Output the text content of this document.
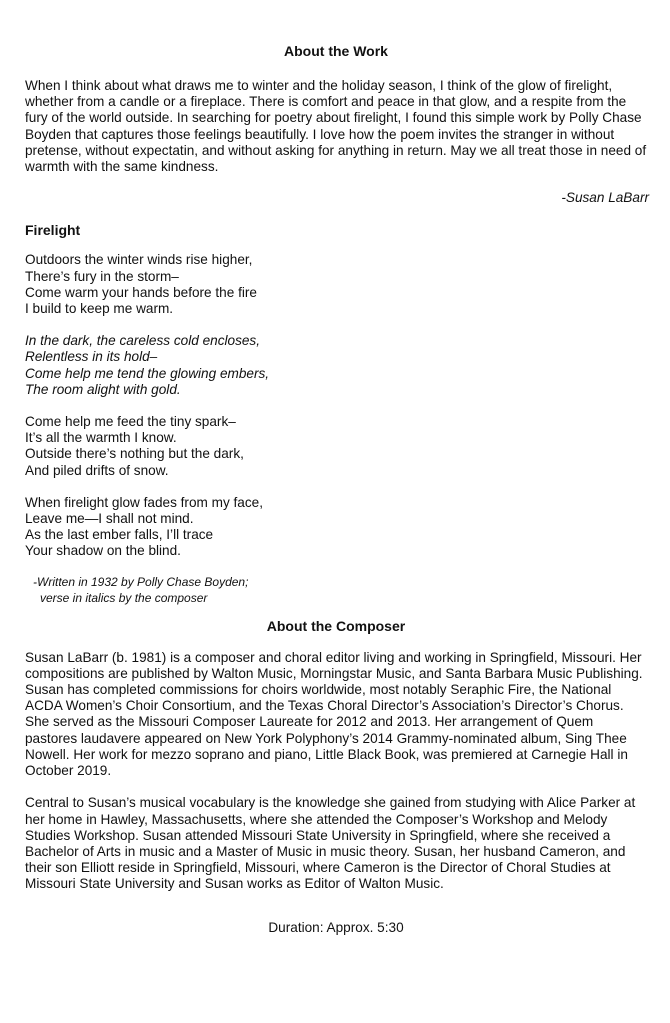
About the Work

When I think about what draws me to winter and the holiday season, I think of the glow of firelight, whether from a candle or a fireplace. There is comfort and peace in that glow, and a respite from the fury of the world outside. In searching for poetry about firelight, I found this simple work by Polly Chase Boyden that captures those feelings beautifully. I love how the poem invites the stranger in without pretense, without expectatin, and without asking for anything in return. May we all treat those in need of warmth with the same kindness.

-Susan LaBarr

Firelight
Outdoors the winter winds rise higher,
There’s fury in the storm–
Come warm your hands before the fire
I build to keep me warm.
In the dark, the careless cold encloses,
Relentless in its hold–
Come help me tend the glowing embers,
The room alight with gold.
Come help me feed the tiny spark–
It’s all the warmth I know.
Outside there’s nothing but the dark,
And piled drifts of snow.
When firelight glow fades from my face,
Leave me—I shall not mind.
As the last ember falls, I’ll trace
Your shadow on the blind.
-Written in 1932 by Polly Chase Boyden;
verse in italics by the composer
About the Composer

Susan LaBarr (b. 1981) is a composer and choral editor living and working in Springfield, Missouri. Her compositions are published by Walton Music, Morningstar Music, and Santa Barbara Music Publishing. Susan has completed commissions for choirs worldwide, most notably Seraphic Fire, the National ACDA Women’s Choir Consortium, and the Texas Choral Director’s Association’s Director’s Chorus. She served as the Missouri Composer Laureate for 2012 and 2013. Her arrangement of Quem pastores laudavere appeared on New York Polyphony’s 2014 Grammy-nominated album, Sing Thee Nowell. Her work for mezzo soprano and piano, Little Black Book, was premiered at Carnegie Hall in October 2019.

Central to Susan’s musical vocabulary is the knowledge she gained from studying with Alice Parker at her home in Hawley, Massachusetts, where she attended the Composer’s Workshop and Melody Studies Workshop. Susan attended Missouri State University in Springfield, where she received a Bachelor of Arts in music and a Master of Music in music theory. Susan, her husband Cameron, and their son Elliott reside in Springfield, Missouri, where Cameron is the Director of Choral Studies at Missouri State University and Susan works as Editor of Walton Music.

Duration: Approx. 5:30
